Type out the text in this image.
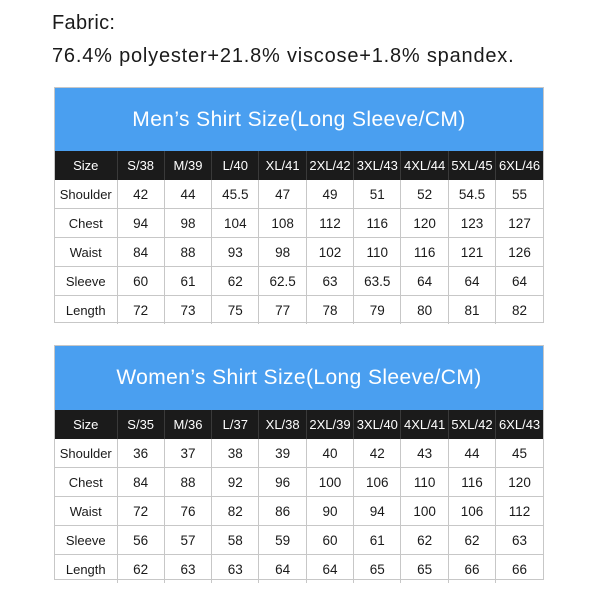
Fabric:
76.4% polyester+21.8% viscose+1.8% spandex.
Men’s Shirt Size(Long Sleeve/CM)
Size	S/38	M/39	L/40	XL/41	2XL/42	3XL/43	4XL/44	5XL/45	6XL/46
Shoulder	42	44	45.5	47	49	51	52	54.5	55
Chest	94	98	104	108	112	116	120	123	127
Waist	84	88	93	98	102	110	116	121	126
Sleeve	60	61	62	62.5	63	63.5	64	64	64
Length	72	73	75	77	78	79	80	81	82
Women’s Shirt Size(Long Sleeve/CM)
Size	S/35	M/36	L/37	XL/38	2XL/39	3XL/40	4XL/41	5XL/42	6XL/43
Shoulder	36	37	38	39	40	42	43	44	45
Chest	84	88	92	96	100	106	110	116	120
Waist	72	76	82	86	90	94	100	106	112
Sleeve	56	57	58	59	60	61	62	62	63
Length	62	63	63	64	64	65	65	66	66
